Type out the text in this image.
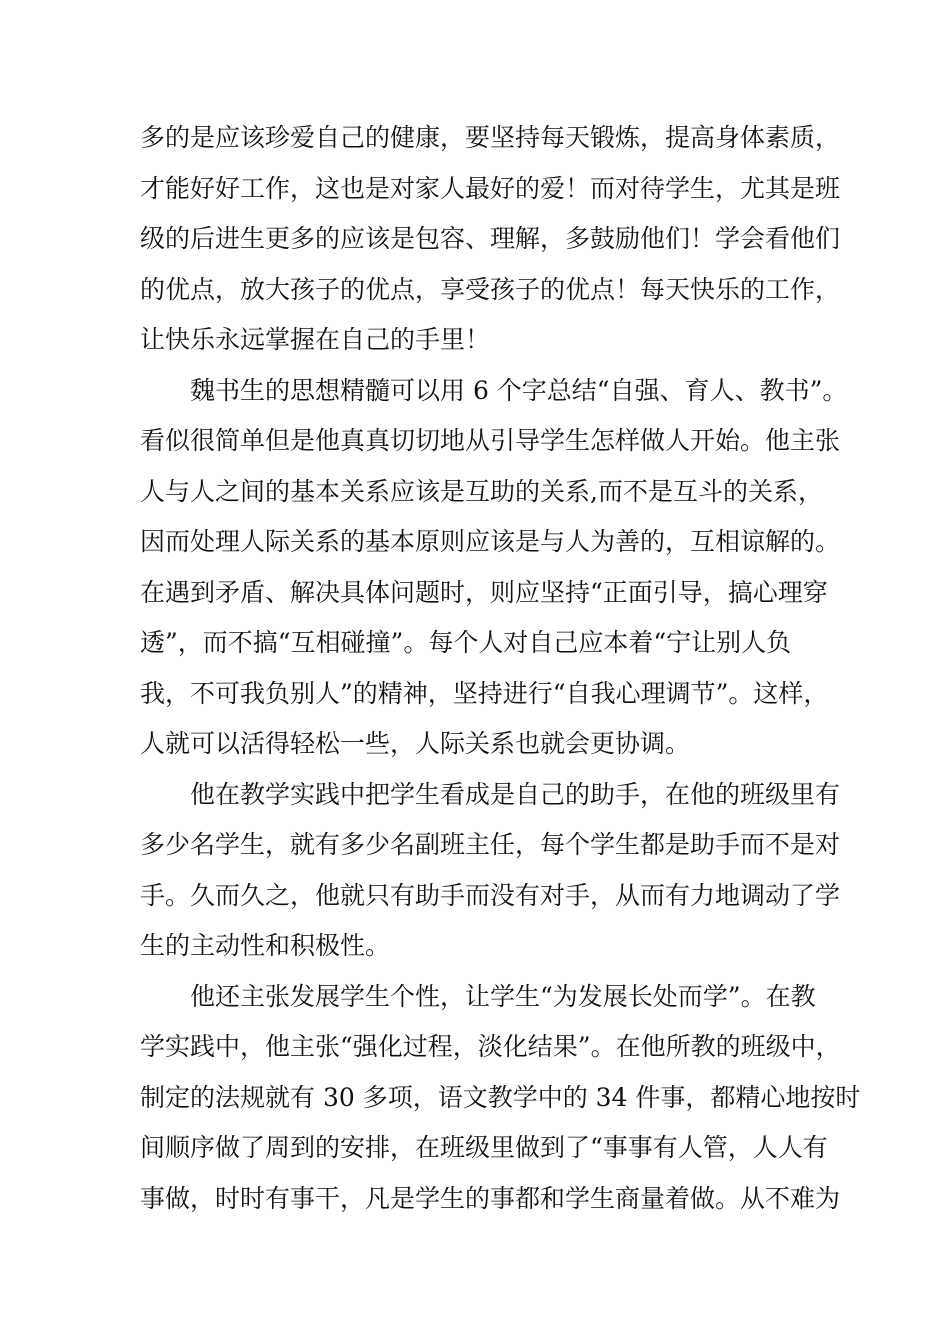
多的是应该珍爱自己的健康，要坚持每天锻炼，提高身体素质，
才能好好工作，这也是对家人最好的爱！而对待学生，尤其是班
级的后进生更多的应该是包容、理解，多鼓励他们！学会看他们
的优点，放大孩子的优点，享受孩子的优点！每天快乐的工作，
让快乐永远掌握在自己的手里！
魏书生的思想精髓可以用 6 个字总结“自强、育人、教书”。
看似很简单但是他真真切切地从引导学生怎样做人开始。他主张
人与人之间的基本关系应该是互助的关系,而不是互斗的关系，
因而处理人际关系的基本原则应该是与人为善的，互相谅解的。
在遇到矛盾、解决具体问题时，则应坚持“正面引导，搞心理穿
透”，而不搞“互相碰撞”。每个人对自己应本着“宁让别人负
我，不可我负别人”的精神，坚持进行“自我心理调节”。这样，
人就可以活得轻松一些，人际关系也就会更协调。
他在教学实践中把学生看成是自己的助手，在他的班级里有
多少名学生，就有多少名副班主任，每个学生都是助手而不是对
手。久而久之，他就只有助手而没有对手，从而有力地调动了学
生的主动性和积极性。
他还主张发展学生个性，让学生“为发展长处而学”。在教
学实践中，他主张“强化过程，淡化结果”。在他所教的班级中，
制定的法规就有 30 多项，语文教学中的 34 件事，都精心地按时
间顺序做了周到的安排，在班级里做到了“事事有人管，人人有
事做，时时有事干，凡是学生的事都和学生商量着做。从不难为
